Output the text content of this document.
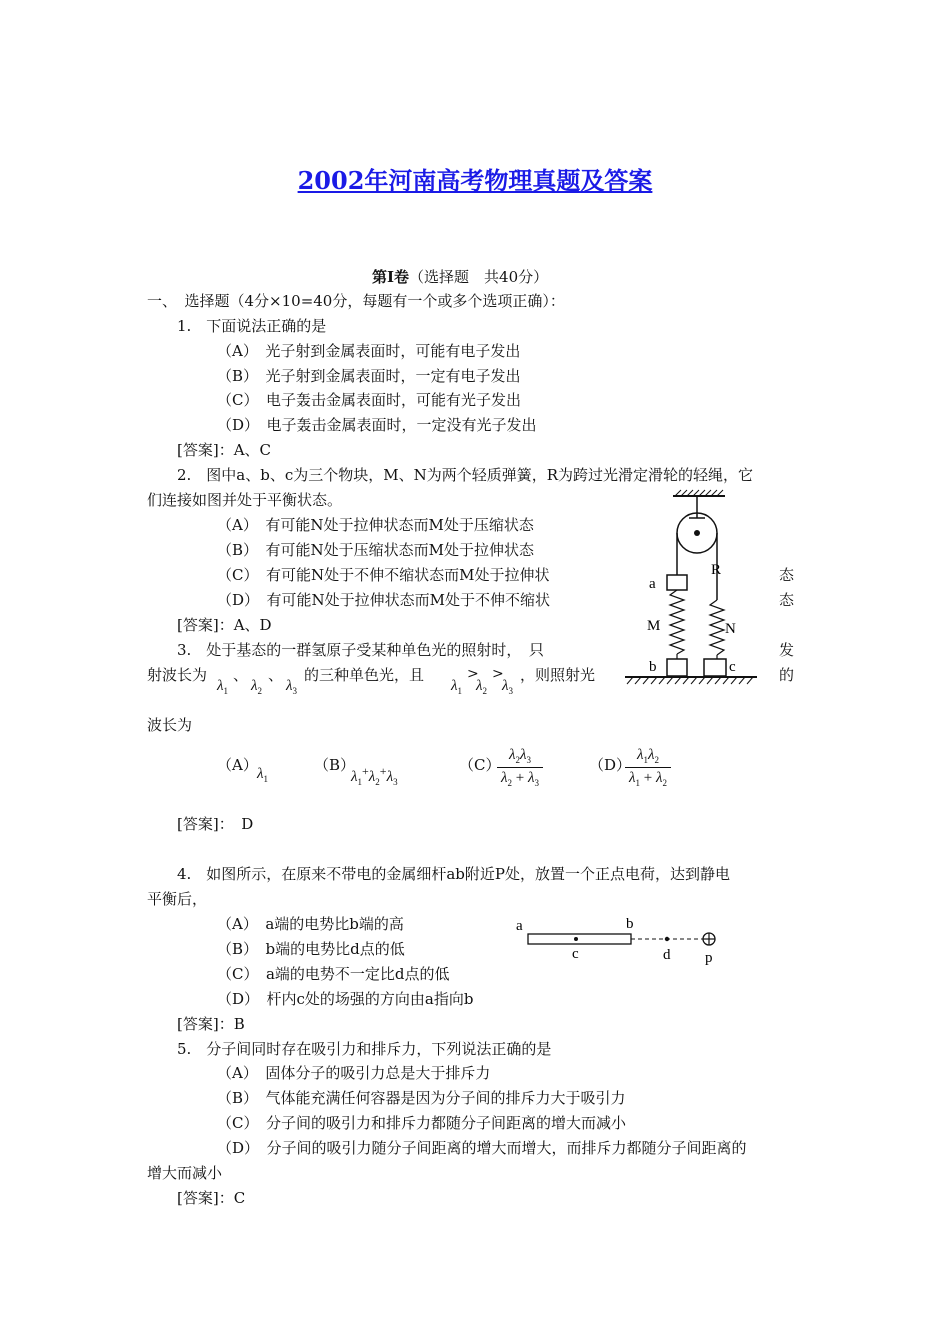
2002年河南高考物理真题及答案
第I卷（选择题　共40分）
一、　选择题（4分×10=40分，每题有一个或多个选项正确）：
1.　下面说法正确的是
（A）　光子射到金属表面时，可能有电子发出
（B）　光子射到金属表面时，一定有电子发出
（C）　电子轰击金属表面时，可能有光子发出
（D）　电子轰击金属表面时，一定没有光子发出
[答案]：A、C
2.　图中a、b、c为三个物块，M、N为两个轻质弹簧，R为跨过光滑定滑轮的轻绳，它
们连接如图并处于平衡状态。
（A）　有可能N处于拉伸状态而M处于压缩状态
（B）　有可能N处于压缩状态而M处于拉伸状态
（C）　有可能N处于不伸不缩状态而M处于拉伸状	态
（D）　有可能N处于拉伸状态而M处于不伸不缩状	态
[答案]：A、D
a
R
M	N
b	c
3.　处于基态的一群氢原子受某种单色光的照射时，　只	发
射波长为
$\lambda_1$
、
$\lambda_2$
、
$\lambda_3$
的三种单色光，且
$\lambda_1$
>
$\lambda_2$
>
$\lambda_3$
，则照射光	的
波长为
（A） $\lambda_1$
（B）
$\lambda_1^+\lambda_2^+\lambda_3$
（C）
$\frac{\lambda_2\lambda_3}{\lambda_2 + \lambda_3}$	（D）
$\frac{\lambda_1\lambda_2}{\lambda_1 + \lambda_2}$
[答案]：　D
4.　如图所示，在原来不带电的金属细杆ab附近P处，放置一个正点电荷，达到静电
平衡后，
（A）　a端的电势比b端的高
（B）　b端的电势比d点的低
（C）　a端的电势不一定比d点的低
（D）　杆内c处的场强的方向由a指向b
[答案]：B
a	b
c	d p
5.　分子间同时存在吸引力和排斥力，下列说法正确的是
（A）　固体分子的吸引力总是大于排斥力
（B）　气体能充满任何容器是因为分子间的排斥力大于吸引力
（C）　分子间的吸引力和排斥力都随分子间距离的增大而减小
（D）　分子间的吸引力随分子间距离的增大而增大，而排斥力都随分子间距离的
增大而减小
[答案]：C
